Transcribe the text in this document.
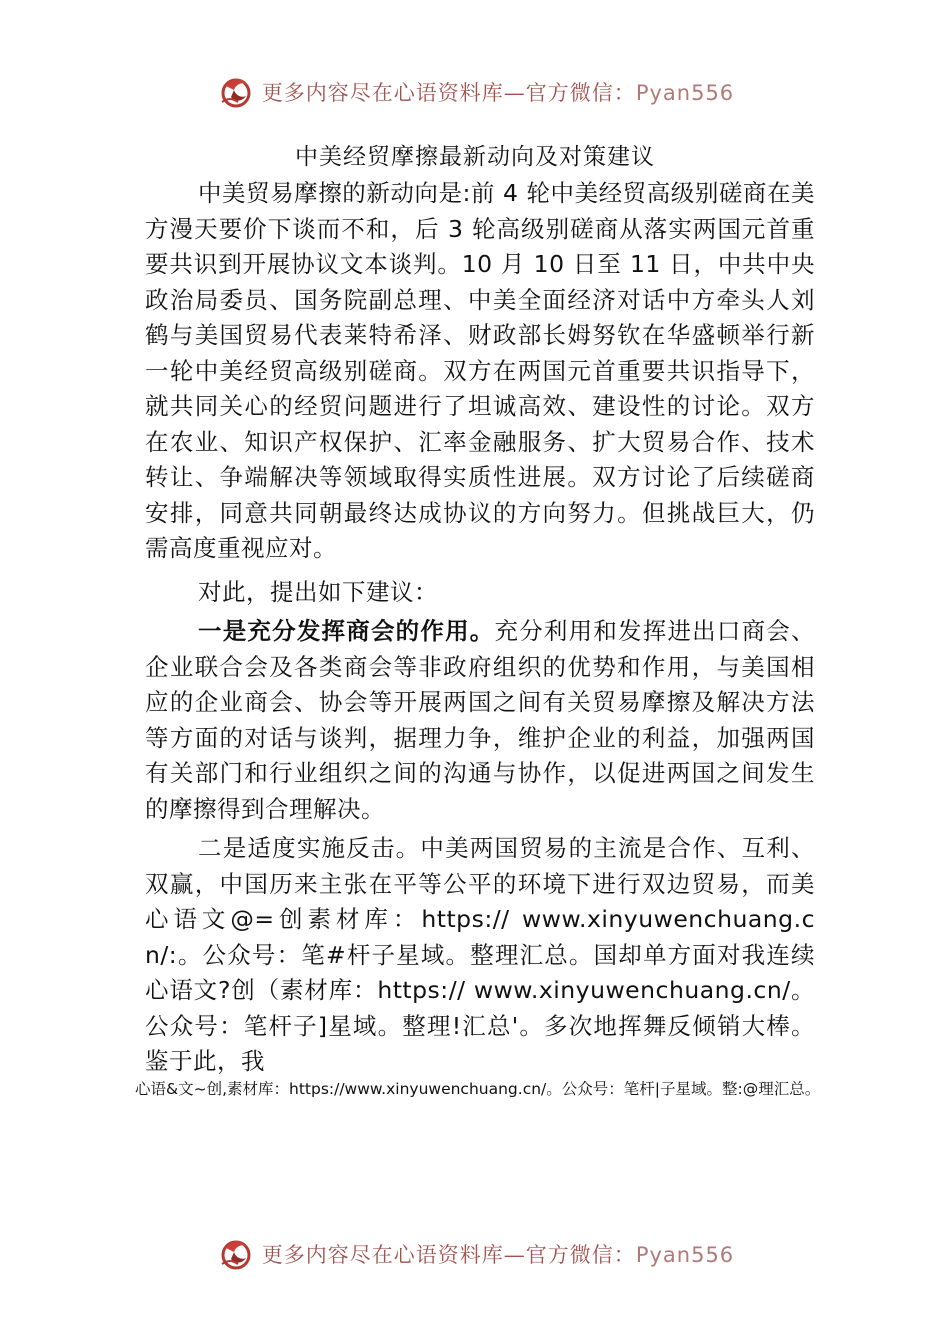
更多内容尽在心语资料库—官方微信：Pyan556
中美经贸摩擦最新动向及对策建议

中美贸易摩擦的新动向是:前 4 轮中美经贸高级别磋商在美方漫天要价下谈而不和，后 3 轮高级别磋商从落实两国元首重要共识到开展协议文本谈判。10 月 10 日至 11 日，中共中央政治局委员、国务院副总理、中美全面经济对话中方牵头人刘鹤与美国贸易代表莱特希泽、财政部长姆努钦在华盛顿举行新一轮中美经贸高级别磋商。双方在两国元首重要共识指导下，就共同关心的经贸问题进行了坦诚高效、建设性的讨论。双方在农业、知识产权保护、汇率金融服务、扩大贸易合作、技术转让、争端解决等领域取得实质性进展。双方讨论了后续磋商安排，同意共同朝最终达成协议的方向努力。但挑战巨大，仍需高度重视应对。

对此，提出如下建议：

一是充分发挥商会的作用。充分利用和发挥进出口商会、企业联合会及各类商会等非政府组织的优势和作用，与美国相应的企业商会、协会等开展两国之间有关贸易摩擦及解决方法等方面的对话与谈判，据理力争，维护企业的利益，加强两国有关部门和行业组织之间的沟通与协作，以促进两国之间发生的摩擦得到合理解决。

二是适度实施反击。中美两国贸易的主流是合作、互利、双赢，中国历来主张在平等公平的环境下进行双边贸易，而美心语文@=创素材库：https:// www.xinyuwenchuang.cn/:。公众号：笔#杆子星域。整理汇总。国却单方面对我连续心语文?创（素材库：https:// www.xinyuwenchuang.cn/。公众号：笔杆子]星域。整理!汇总'。多次地挥舞反倾销大棒。鉴于此，我

心语&文~创,素材库：https://www.xinyuwenchuang.cn/。公众号：笔杆|子星域。整:@理汇总。
更多内容尽在心语资料库—官方微信：Pyan556
